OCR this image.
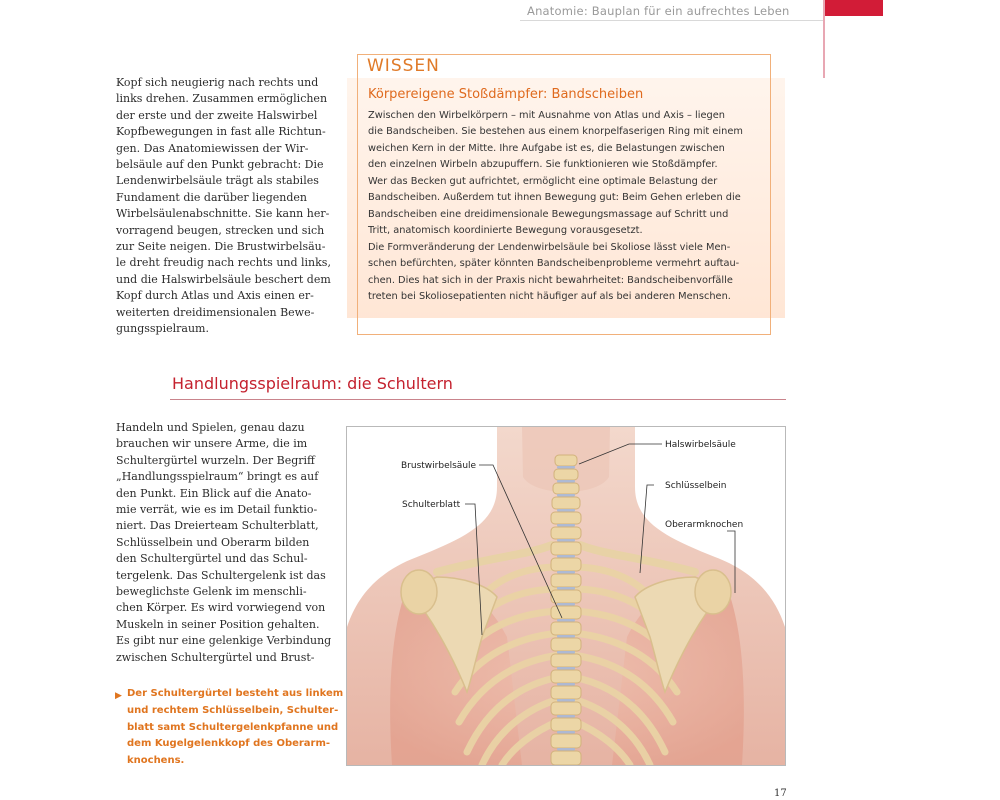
Anatomie: Bauplan für ein aufrechtes Leben
Kopf sich neugierig nach rechts und
links drehen. Zusammen ermöglichen
der erste und der zweite Halswirbel
Kopfbewegungen in fast alle Richtun-
gen. Das Anatomiewissen der Wir-
belsäule auf den Punkt gebracht: Die
Lendenwirbelsäule trägt als stabiles
Fundament die darüber liegenden
Wirbelsäulenabschnitte. Sie kann her-
vorragend beugen, strecken und sich
zur Seite neigen. Die Brustwirbelsäu-
le dreht freudig nach rechts und links,
und die Halswirbelsäule beschert dem
Kopf durch Atlas und Axis einen er-
weiterten dreidimensionalen Bewe-
gungsspielraum.
WISSEN
Körpereigene Stoßdämpfer: Bandscheiben
Zwischen den Wirbelkörpern – mit Ausnahme von Atlas und Axis – liegen
die Bandscheiben. Sie bestehen aus einem knorpelfaserigen Ring mit einem
weichen Kern in der Mitte. Ihre Aufgabe ist es, die Belastungen zwischen
den einzelnen Wirbeln abzupuffern. Sie funktionieren wie Stoßdämpfer.
Wer das Becken gut aufrichtet, ermöglicht eine optimale Belastung der
Bandscheiben. Außerdem tut ihnen Bewegung gut: Beim Gehen erleben die
Bandscheiben eine dreidimensionale Bewegungsmassage auf Schritt und
Tritt, anatomisch koordinierte Bewegung vorausgesetzt.
Die Formveränderung der Lendenwirbelsäule bei Skoliose lässt viele Men-
schen befürchten, später könnten Bandscheibenprobleme vermehrt auftau-
chen. Dies hat sich in der Praxis nicht bewahrheitet: Bandscheibenvorfälle
treten bei Skoliosepatienten nicht häufiger auf als bei anderen Menschen.
Handlungsspielraum: die Schultern
Handeln und Spielen, genau dazu
brauchen wir unsere Arme, die im
Schultergürtel wurzeln. Der Begriff
„Handlungsspielraum“ bringt es auf
den Punkt. Ein Blick auf die Anato-
mie verrät, wie es im Detail funktio-
niert. Das Dreierteam Schulterblatt,
Schlüsselbein und Oberarm bilden
den Schultergürtel und das Schul-
tergelenk. Das Schultergelenk ist das
beweglichste Gelenk im menschli-
chen Körper. Es wird vorwiegend von
Muskeln in seiner Position gehalten.
Es gibt nur eine gelenkige Verbindung
zwischen Schultergürtel und Brust-
▶ Der Schultergürtel besteht aus linkem
und rechtem Schlüsselbein, Schulter-
blatt samt Schultergelenkpfanne und
dem Kugelgelenkkopf des Oberarm-
knochens.
Halswirbelsäule
Brustwirbelsäule
Schlüsselbein
Schulterblatt
Oberarmknochen
17
